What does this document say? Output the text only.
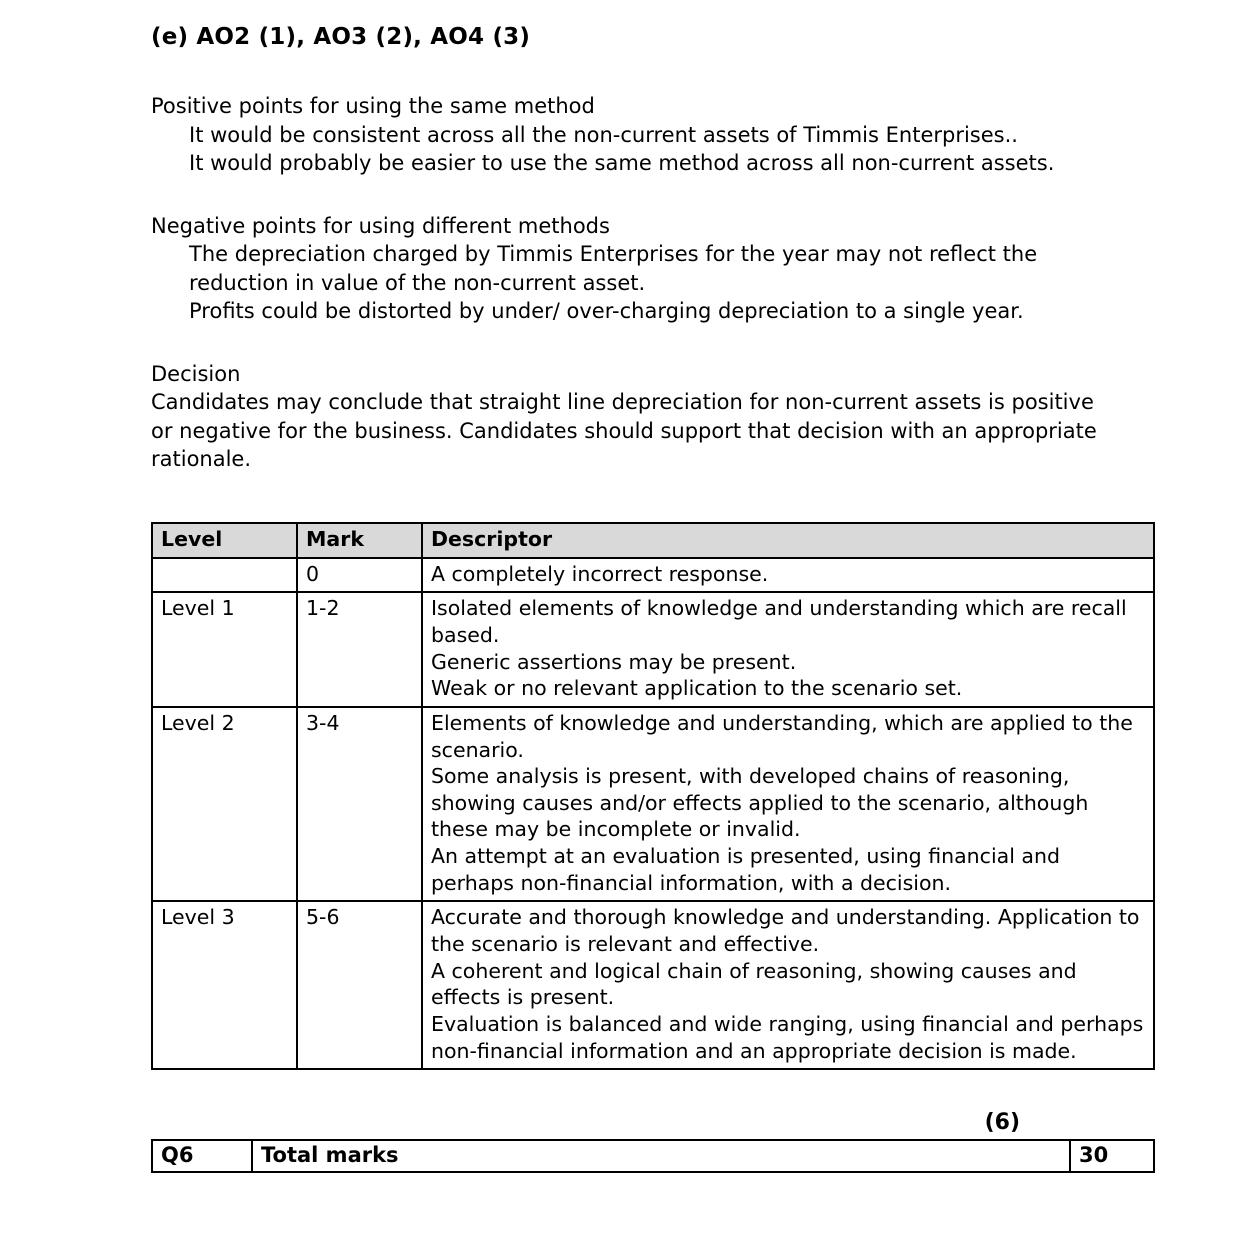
(e) AO2 (1), AO3 (2), AO4 (3)
Positive points for using the same method
It would be consistent across all the non-current assets of Timmis Enterprises..
It would probably be easier to use the same method across all non-current assets.
Negative points for using different methods
The depreciation charged by Timmis Enterprises for the year may not reflect the reduction in value of the non-current asset.
Profits could be distorted by under/ over-charging depreciation to a single year.
Decision
Candidates may conclude that straight line depreciation for non-current assets is positive or negative for the business. Candidates should support that decision with an appropriate rationale.
Level	Mark	Descriptor
	0	A completely incorrect response.

Level 1	1-2	Isolated elements of knowledge and understanding which are recall based.
Generic assertions may be present.
Weak or no relevant application to the scenario set.

Level 2	3-4	Elements of knowledge and understanding, which are applied to the scenario.
Some analysis is present, with developed chains of reasoning, showing causes and/or effects applied to the scenario, although these may be incomplete or invalid.
An attempt at an evaluation is presented, using financial and perhaps non-financial information, with a decision.

Level 3	5-6	Accurate and thorough knowledge and understanding. Application to the scenario is relevant and effective.
A coherent and logical chain of reasoning, showing causes and effects is present.
Evaluation is balanced and wide ranging, using financial and perhaps non-financial information and an appropriate decision is made.
(6)
Q6	Total marks	30
